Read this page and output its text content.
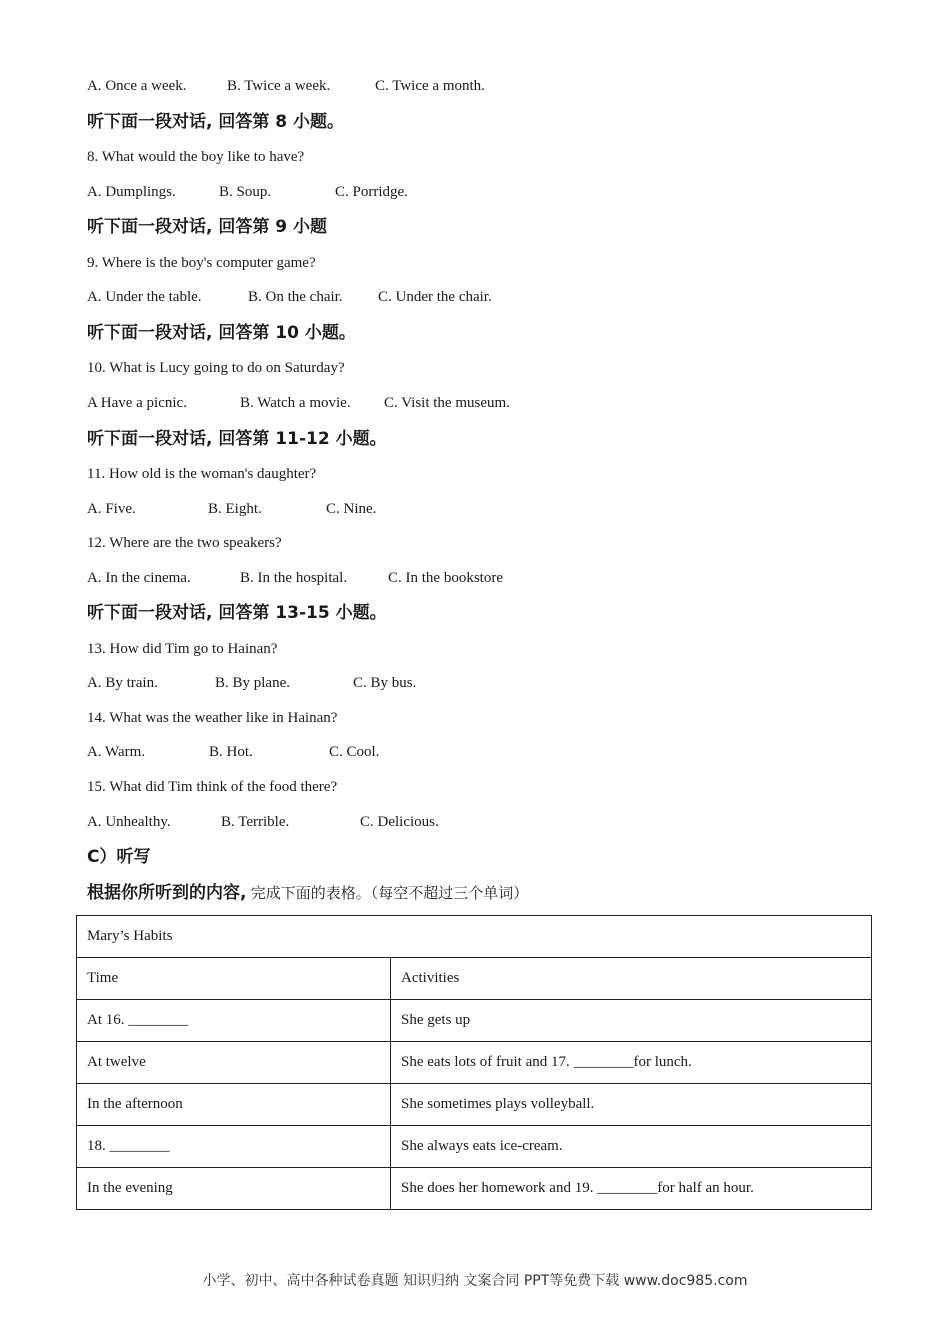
A. Once a week.	B. Twice a week.	C. Twice a month.
听下面一段对话, 回答第 8 小题。
8. What would the boy like to have?
A. Dumplings.	B. Soup.	C. Porridge.
听下面一段对话, 回答第 9 小题
9. Where is the boy's computer game?
A. Under the table.	B. On the chair. C. Under the chair.
听下面一段对话, 回答第 10 小题。
10. What is Lucy going to do on Saturday?
A Have a picnic.	B. Watch a movie. C. Visit the museum.
听下面一段对话, 回答第 11-12 小题。
11. How old is the woman's daughter?
A. Five.	B. Eight.	C. Nine.
12. Where are the two speakers?
A. In the cinema.	B. In the hospital.	C. In the bookstore
听下面一段对话, 回答第 13-15 小题。
13. How did Tim go to Hainan?
A. By train.	B. By plane.	C. By bus.
14. What was the weather like in Hainan?
A. Warm.	B. Hot.	C. Cool.
15. What did Tim think of the food there?
A. Unhealthy.	B. Terrible.	C. Delicious.
C）听写
根据你所听到的内容, 完成下面的表格。（每空不超过三个单词）
Mary’s Habits	
Time	Activities
At 16. ________	She gets up
At twelve	She eats lots of fruit and 17. ________for lunch.
In the afternoon	She sometimes plays volleyball.
18. ________	She always eats ice-cream.
In the evening	She does her homework and 19. ________for half an hour.
小学、初中、高中各种试卷真题 知识归纳 文案合同 PPT等免费下载 www.doc985.com
